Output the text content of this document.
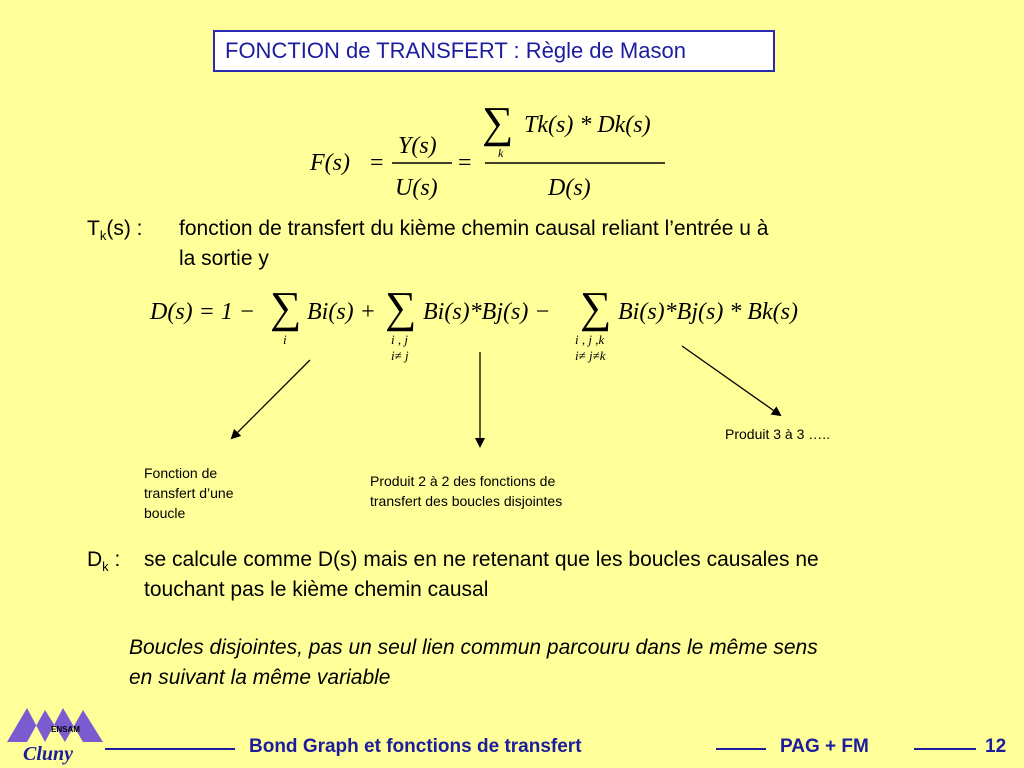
FONCTION de TRANSFERT : Règle de Mason
F(s) =
Y(s)
U(s)
=
∑
k
Tk(s) * Dk(s)
D(s)
$T_k(s)$ : fonction de transfert du kième chemin causal reliant l’entrée u à
la sortie y
D(s) = 1 − ∑ Bi(s) +
i
∑ Bi(s)*Bj(s) −
i , j
i≠ j
∑ Bi(s)*Bj(s) * Bk(s)
i , j ,k
i≠ j≠k
Fonction de
transfert d’une
boucle
Produit 2 à 2 des fonctions de
transfert des boucles disjointes
Produit 3 à 3 …..
$D_k$ : se calcule comme D(s) mais en ne retenant que les boucles causales ne
touchant pas le kième chemin causal
Boucles disjointes, pas un seul lien commun parcouru dans le même sens
en suivant la même variable
ENSAM
Cluny	Bond Graph et fonctions de transfert	PAG + FM	12
